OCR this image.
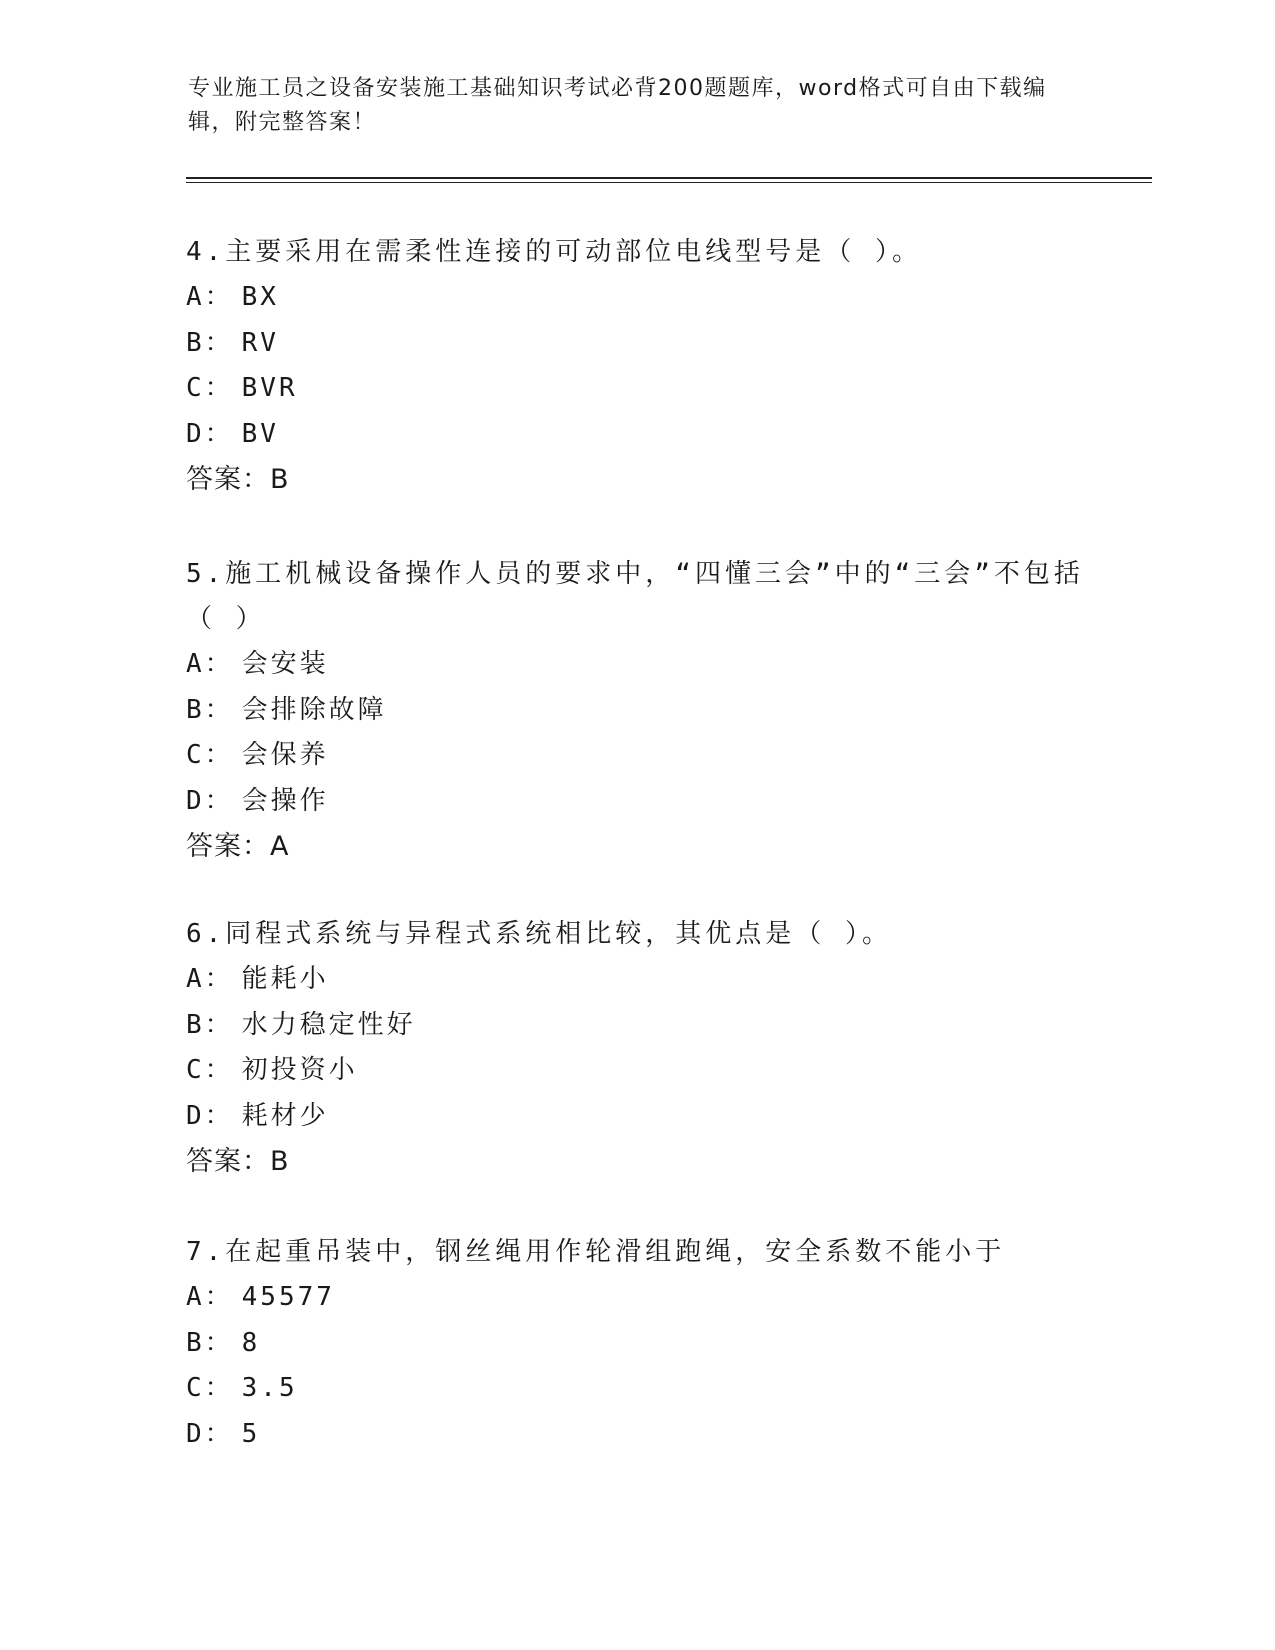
专业施工员之设备安装施工基础知识考试必背200题题库，word格式可自由下载编辑，附完整答案！
4.主要采用在需柔性连接的可动部位电线型号是（ ）。
A： BX
B： RV
C： BVR
D： BV
答案：B
5.施工机械设备操作人员的要求中，“四懂三会”中的“三会”不包括（ ）
A： 会安装
B： 会排除故障
C： 会保养
D： 会操作
答案：A
6.同程式系统与异程式系统相比较，其优点是（ ）。
A： 能耗小
B： 水力稳定性好
C： 初投资小
D： 耗材少
答案：B
7.在起重吊装中，钢丝绳用作轮滑组跑绳，安全系数不能小于
A： 45577
B： 8
C： 3.5
D： 5
